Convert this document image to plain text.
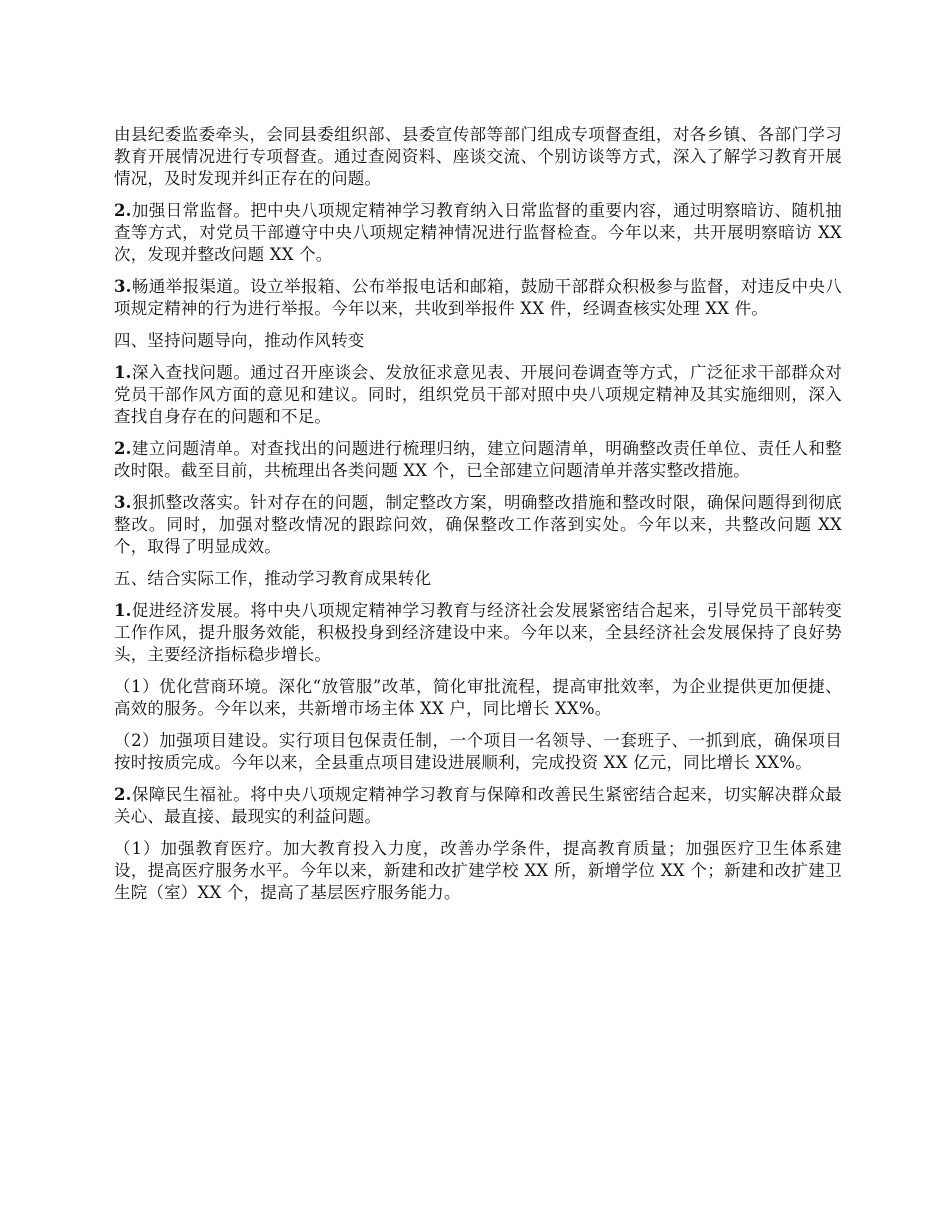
由县纪委监委牵头，会同县委组织部、县委宣传部等部门组成专项督查组，对各乡镇、各部门学习教育开展情况进行专项督查。通过查阅资料、座谈交流、个别访谈等方式，深入了解学习教育开展情况，及时发现并纠正存在的问题。

2.加强日常监督。把中央八项规定精神学习教育纳入日常监督的重要内容，通过明察暗访、随机抽查等方式，对党员干部遵守中央八项规定精神情况进行监督检查。今年以来，共开展明察暗访 XX 次，发现并整改问题 XX 个。

3.畅通举报渠道。设立举报箱、公布举报电话和邮箱，鼓励干部群众积极参与监督，对违反中央八项规定精神的行为进行举报。今年以来，共收到举报件 XX 件，经调查核实处理 XX 件。

四、坚持问题导向，推动作风转变

1.深入查找问题。通过召开座谈会、发放征求意见表、开展问卷调查等方式，广泛征求干部群众对党员干部作风方面的意见和建议。同时，组织党员干部对照中央八项规定精神及其实施细则，深入查找自身存在的问题和不足。

2.建立问题清单。对查找出的问题进行梳理归纳，建立问题清单，明确整改责任单位、责任人和整改时限。截至目前，共梳理出各类问题 XX 个，已全部建立问题清单并落实整改措施。

3.狠抓整改落实。针对存在的问题，制定整改方案，明确整改措施和整改时限，确保问题得到彻底整改。同时，加强对整改情况的跟踪问效，确保整改工作落到实处。今年以来，共整改问题 XX 个，取得了明显成效。

五、结合实际工作，推动学习教育成果转化

1.促进经济发展。将中央八项规定精神学习教育与经济社会发展紧密结合起来，引导党员干部转变工作作风，提升服务效能，积极投身到经济建设中来。今年以来，全县经济社会发展保持了良好势头，主要经济指标稳步增长。

（1）优化营商环境。深化“放管服”改革，简化审批流程，提高审批效率，为企业提供更加便捷、高效的服务。今年以来，共新增市场主体 XX 户，同比增长 XX%。

（2）加强项目建设。实行项目包保责任制，一个项目一名领导、一套班子、一抓到底，确保项目按时按质完成。今年以来，全县重点项目建设进展顺利，完成投资 XX 亿元，同比增长 XX%。

2.保障民生福祉。将中央八项规定精神学习教育与保障和改善民生紧密结合起来，切实解决群众最关心、最直接、最现实的利益问题。

（1）加强教育医疗。加大教育投入力度，改善办学条件，提高教育质量；加强医疗卫生体系建设，提高医疗服务水平。今年以来，新建和改扩建学校 XX 所，新增学位 XX 个；新建和改扩建卫生院（室）XX 个，提高了基层医疗服务能力。
